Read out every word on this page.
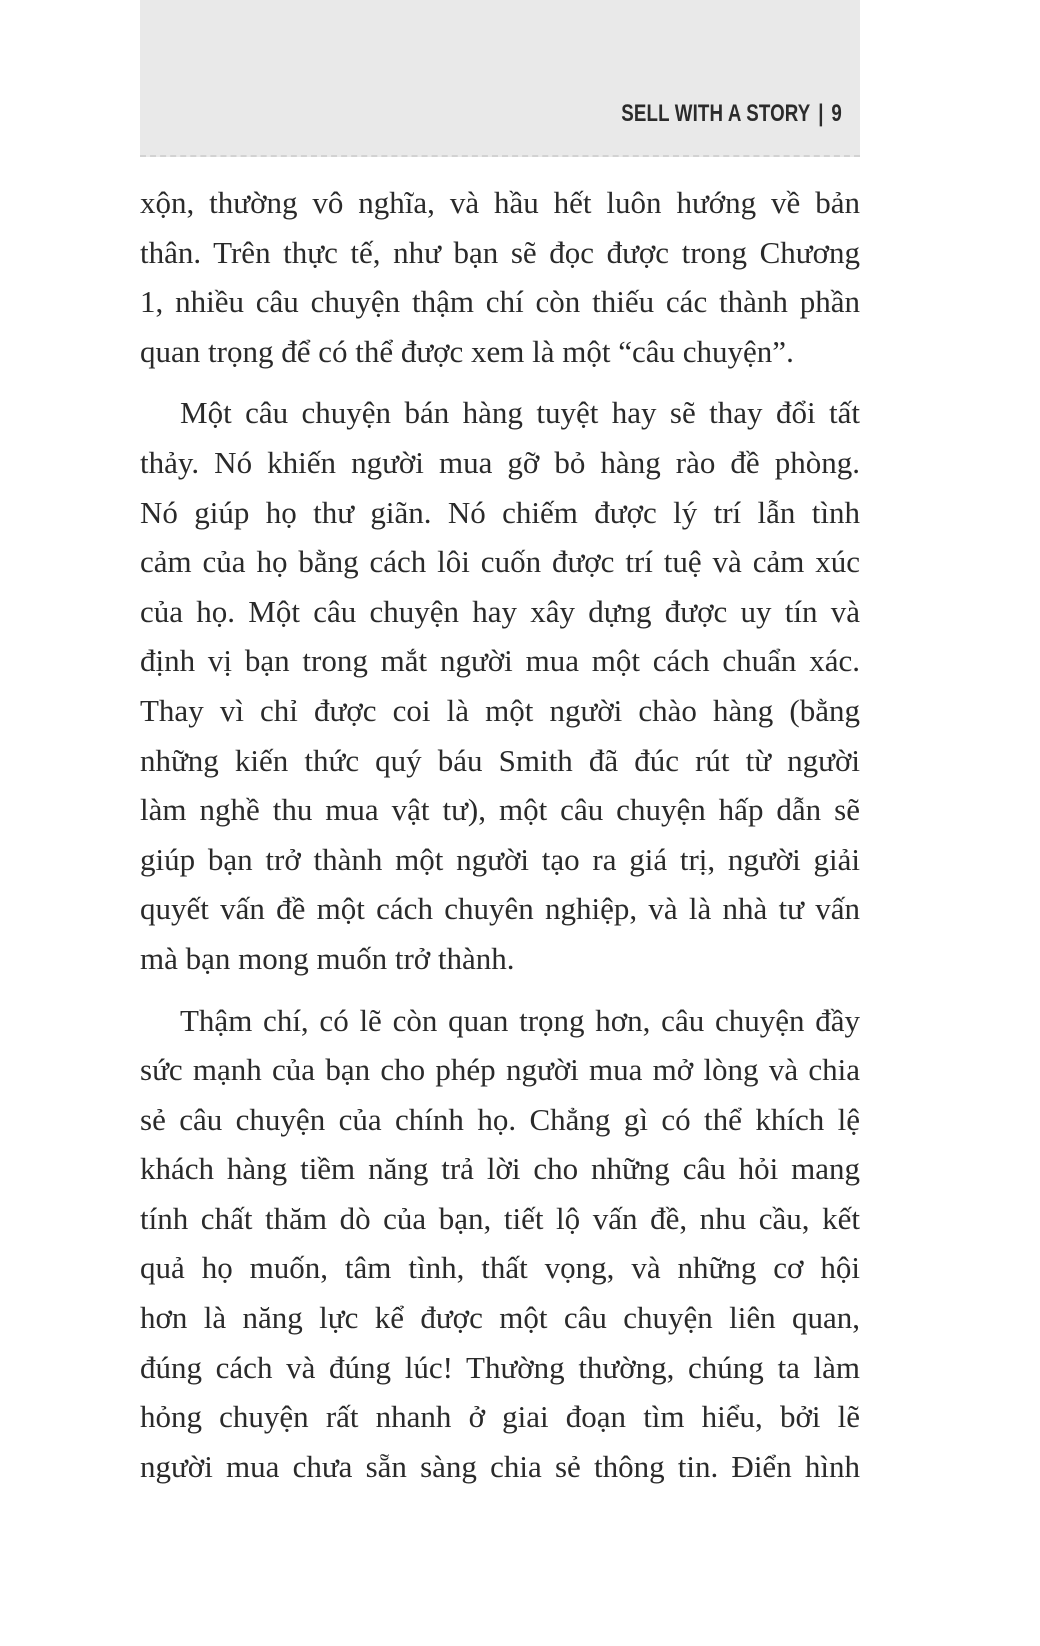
SELL WITH A STORY | 9
xộn, thường vô nghĩa, và hầu hết luôn hướng về bản
thân. Trên thực tế, như bạn sẽ đọc được trong Chương
1, nhiều câu chuyện thậm chí còn thiếu các thành phần
quan trọng để có thể được xem là một “câu chuyện”.
Một câu chuyện bán hàng tuyệt hay sẽ thay đổi tất
thảy. Nó khiến người mua gỡ bỏ hàng rào đề phòng.
Nó giúp họ thư giãn. Nó chiếm được lý trí lẫn tình
cảm của họ bằng cách lôi cuốn được trí tuệ và cảm xúc
của họ. Một câu chuyện hay xây dựng được uy tín và
định vị bạn trong mắt người mua một cách chuẩn xác.
Thay vì chỉ được coi là một người chào hàng (bằng
những kiến thức quý báu Smith đã đúc rút từ người
làm nghề thu mua vật tư), một câu chuyện hấp dẫn sẽ
giúp bạn trở thành một người tạo ra giá trị, người giải
quyết vấn đề một cách chuyên nghiệp, và là nhà tư vấn
mà bạn mong muốn trở thành.
Thậm chí, có lẽ còn quan trọng hơn, câu chuyện đầy
sức mạnh của bạn cho phép người mua mở lòng và chia
sẻ câu chuyện của chính họ. Chẳng gì có thể khích lệ
khách hàng tiềm năng trả lời cho những câu hỏi mang
tính chất thăm dò của bạn, tiết lộ vấn đề, nhu cầu, kết
quả họ muốn, tâm tình, thất vọng, và những cơ hội
hơn là năng lực kể được một câu chuyện liên quan,
đúng cách và đúng lúc! Thường thường, chúng ta làm
hỏng chuyện rất nhanh ở giai đoạn tìm hiểu, bởi lẽ
người mua chưa sẵn sàng chia sẻ thông tin. Điển hình
